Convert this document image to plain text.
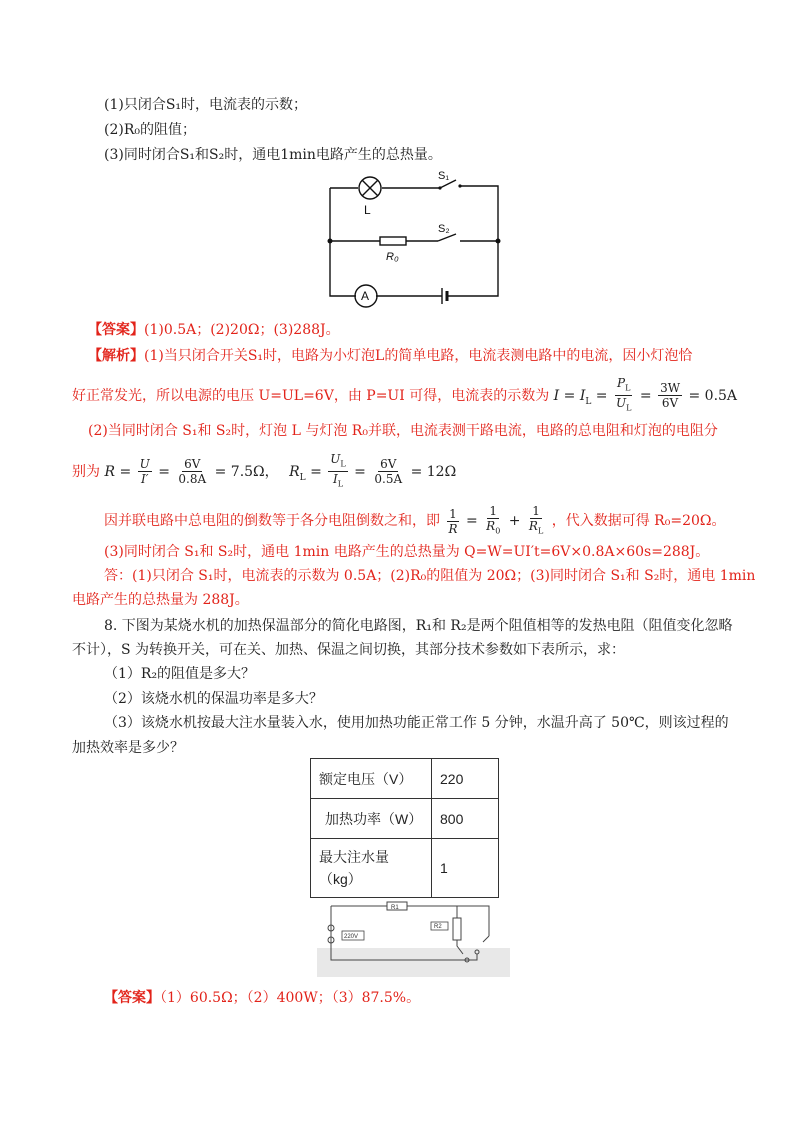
(1)只闭合S₁时，电流表的示数；
(2)R₀的阻值；
(3)同时闭合S₁和S₂时，通电1min电路产生的总热量。
S₁
S₂
L
R₀
A
【答案】(1)0.5A；(2)20Ω；(3)288J。
【解析】(1)当只闭合开关S₁时，电路为小灯泡L的简单电路，电流表测电路中的电流，因小灯泡恰
好正常发光，所以电源的电压 U=UL=6V，由 P=UI 可得，电流表的示数为 $I = I_L = \frac{P_L}{U_L} = \frac{3W}{6V} = 0.5A$
(2)当同时闭合 S₁和 S₂时，灯泡 L 与灯泡 R₀并联，电流表测干路电流，电路的总电阻和灯泡的电阻分
别为 $R = \frac{U}{I'} = \frac{6V}{0.8A} = 7.5\Omega$， $R_L = \frac{U_L}{I_L} = \frac{6V}{0.5A} = 12\Omega$
因并联电路中总电阻的倒数等于各分电阻倒数之和，即 $\frac{1}{R} = \frac{1}{R_0} + \frac{1}{R_L}$ ，代入数据可得 R₀=20Ω。
(3)同时闭合 S₁和 S₂时，通电 1min 电路产生的总热量为 Q=W=UI′t=6V×0.8A×60s=288J。
答：(1)只闭合 S₁时，电流表的示数为 0.5A；(2)R₀的阻值为 20Ω；(3)同时闭合 S₁和 S₂时，通电 1min
电路产生的总热量为 288J。
8. 下图为某烧水机的加热保温部分的简化电路图，R₁和 R₂是两个阻值相等的发热电阻（阻值变化忽略
不计），S 为转换开关，可在关、加热、保温之间切换，其部分技术参数如下表所示，求：
（1）R₂的阻值是多大？
（2）该烧水机的保温功率是多大？
（3）该烧水机按最大注水量装入水，使用加热功能正常工作 5 分钟，水温升高了 50℃，则该过程的
加热效率是多少？
额定电压（V）	220
加热功率（W）	800

最大注水量
（kg）	1
R1
R2
220V
【答案】（1）60.5Ω；（2）400W；（3）87.5%。
